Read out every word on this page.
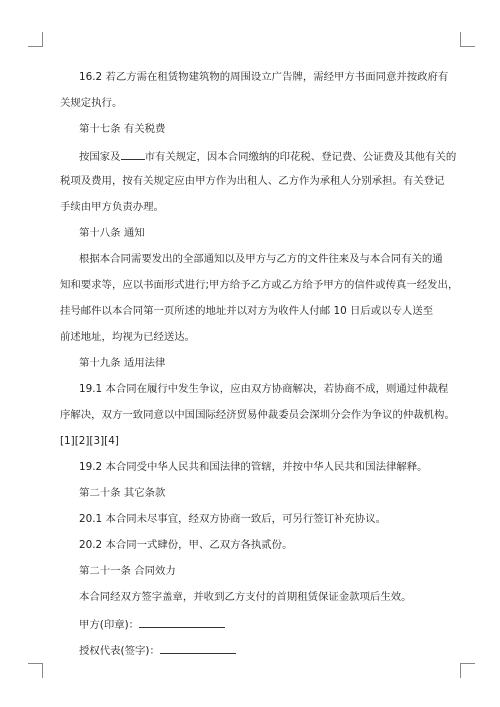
16.2 若乙方需在租赁物建筑物的周围设立广告牌，需经甲方书面同意并按政府有
关规定执行。
第十七条 有关税费
按国家及 市有关规定，因本合同缴纳的印花税、登记费、公证费及其他有关的
税项及费用，按有关规定应由甲方作为出租人、乙方作为承租人分别承担。有关登记
手续由甲方负责办理。
第十八条 通知
根据本合同需要发出的全部通知以及甲方与乙方的文件往来及与本合同有关的通
知和要求等，应以书面形式进行;甲方给予乙方或乙方给予甲方的信件或传真一经发出，
挂号邮件以本合同第一页所述的地址并以对方为收件人付邮 10 日后或以专人送至
前述地址，均视为已经送达。
第十九条 适用法律
19.1 本合同在履行中发生争议，应由双方协商解决，若协商不成，则通过仲裁程
序解决，双方一致同意以中国国际经济贸易仲裁委员会深圳分会作为争议的仲裁机构。
[1][2][3][4]
19.2 本合同受中华人民共和国法律的管辖，并按中华人民共和国法律解释。
第二十条 其它条款
20.1 本合同未尽事宜，经双方协商一致后，可另行签订补充协议。
20.2 本合同一式肆份，甲、乙双方各执贰份。
第二十一条 合同效力
本合同经双方签字盖章，并收到乙方支付的首期租赁保证金款项后生效。
甲方(印章)：
授权代表(签字)：
